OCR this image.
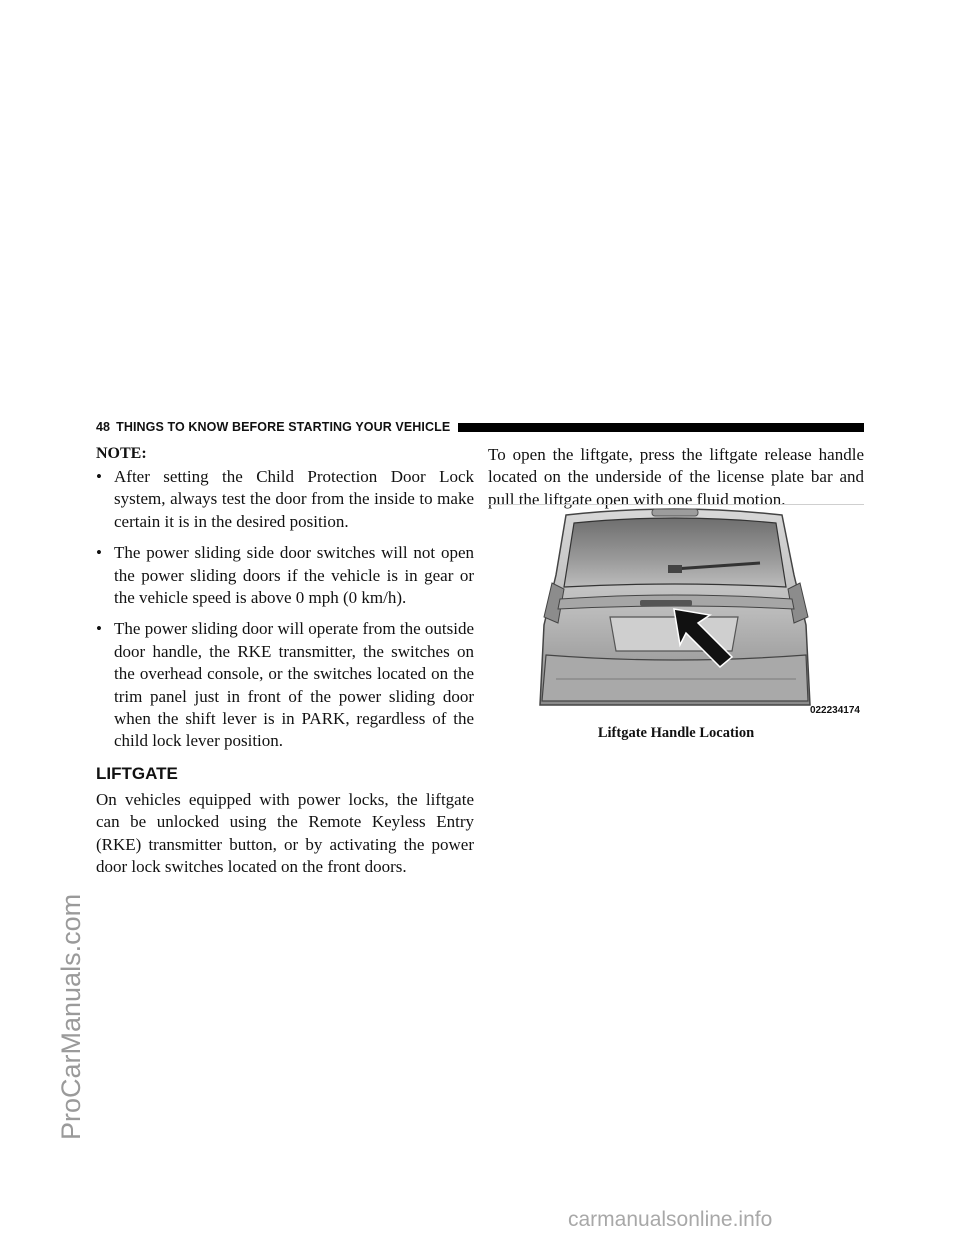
ProCarManuals.com
48 THINGS TO KNOW BEFORE STARTING YOUR VEHICLE
NOTE:
• After setting the Child Protection Door Lock system, always test the door from the inside to make certain it is in the desired position.
• The power sliding side door switches will not open the power sliding doors if the vehicle is in gear or the vehicle speed is above 0 mph (0 km/h).
• The power sliding door will operate from the outside door handle, the RKE transmitter, the switches on the overhead console, or the switches located on the trim panel just in front of the power sliding door when the shift lever is in PARK, regardless of the child lock lever position.
LIFTGATE

On vehicles equipped with power locks, the liftgate can be unlocked using the Remote Keyless Entry (RKE) transmitter button, or by activating the power door lock switches located on the front doors.

To open the liftgate, press the liftgate release handle located on the underside of the license plate bar and pull the liftgate open with one fluid motion.

022234174
Liftgate Handle Location
carmanualsonline.info
